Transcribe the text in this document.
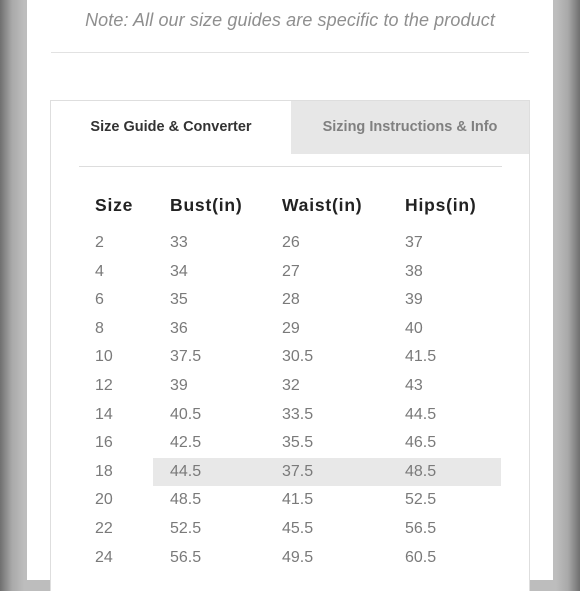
Note: All our size guides are specific to the product
Size Guide & Converter	Sizing Instructions & Info
Size Bust(in) Waist(in) Hips(in)
2	33	26	37
4	34	27	38
6	35	28	39
8	36	29	40
10	37.5	30.5	41.5
12	39	32	43
14	40.5	33.5	44.5
16	42.5	35.5	46.5
18	44.5	37.5	48.5
20	48.5	41.5	52.5
22	52.5	45.5	56.5
24	56.5	49.5	60.5
